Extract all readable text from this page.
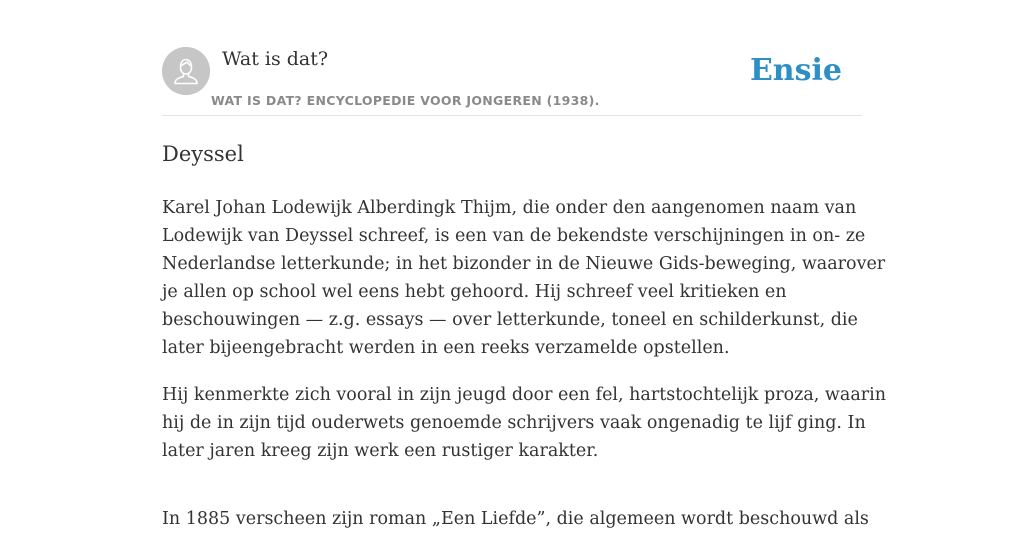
Wat is dat?
WAT IS DAT? ENCYCLOPEDIE VOOR JONGEREN (1938).
Ensie
Deyssel
Karel Johan Lodewijk Alberdingk Thijm, die onder den aangenomen naam van
Lodewijk van Deyssel schreef, is een van de bekendste verschijningen in on- ze
Nederlandse letterkunde; in het bizonder in de Nieuwe Gids-beweging, waarover
je allen op school wel eens hebt gehoord. Hij schreef veel kritieken en
beschouwingen — z.g. essays — over letterkunde, toneel en schilderkunst, die
later bijeengebracht werden in een reeks verzamelde opstellen.
Hij kenmerkte zich vooral in zijn jeugd door een fel, hartstochtelijk proza, waarin
hij de in zijn tijd ouderwets genoemde schrijvers vaak ongenadig te lijf ging. In
later jaren kreeg zijn werk een rustiger karakter.
In 1885 verscheen zijn roman „Een Liefde”, die algemeen wordt beschouwd als
